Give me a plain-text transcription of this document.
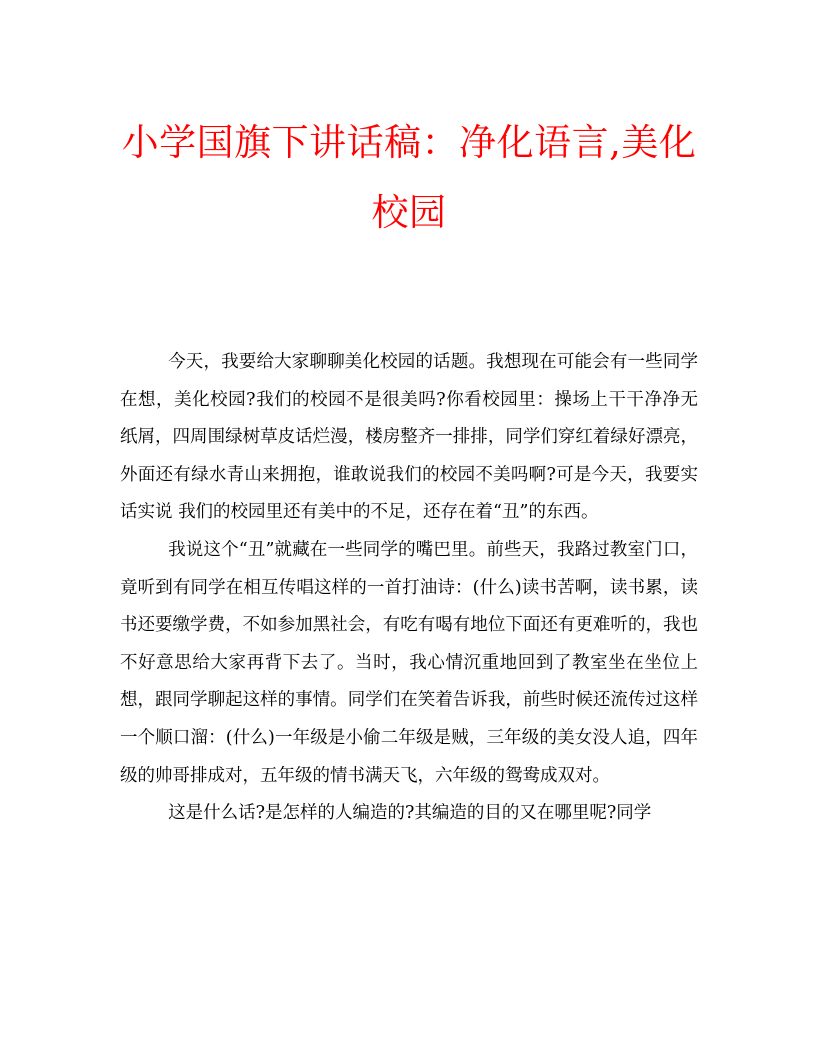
小学国旗下讲话稿：净化语言,美化校园

今天，我要给大家聊聊美化校园的话题。我想现在可能会有一些同学在想，美化校园?我们的校园不是很美吗?你看校园里：操场上干干净净无纸屑，四周围绿树草皮话烂漫，楼房整齐一排排，同学们穿红着绿好漂亮，外面还有绿水青山来拥抱，谁敢说我们的校园不美吗啊?可是今天，我要实话实说 我们的校园里还有美中的不足，还存在着“丑”的东西。

我说这个“丑”就藏在一些同学的嘴巴里。前些天，我路过教室门口，竟听到有同学在相互传唱这样的一首打油诗：(什么)读书苦啊，读书累，读书还要缴学费，不如参加黑社会，有吃有喝有地位下面还有更难听的，我也不好意思给大家再背下去了。当时，我心情沉重地回到了教室坐在坐位上想，跟同学聊起这样的事情。同学们在笑着告诉我，前些时候还流传过这样一个顺口溜：(什么)一年级是小偷二年级是贼，三年级的美女没人追，四年级的帅哥排成对，五年级的情书满天飞，六年级的鸳鸯成双对。

这是什么话?是怎样的人编造的?其编造的目的又在哪里呢?同学
